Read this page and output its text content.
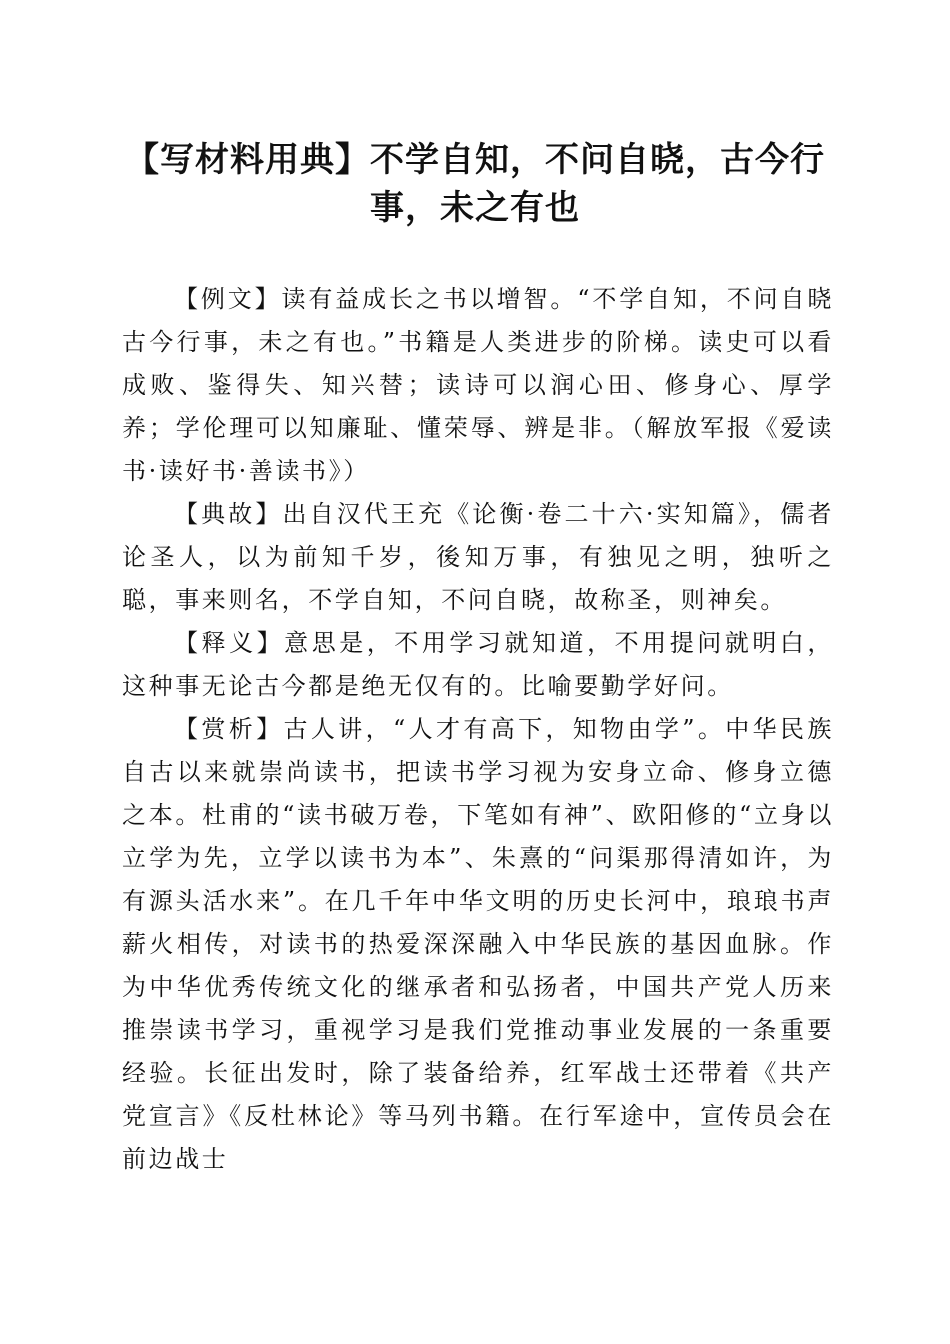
【写材料用典】不学自知，不问自晓，古今行事，未之有也

【例文】读有益成长之书以增智。“不学自知，不问自晓古今行事，未之有也。”书籍是人类进步的阶梯。读史可以看成败、鉴得失、知兴替；读诗可以润心田、修身心、厚学养；学伦理可以知廉耻、懂荣辱、辨是非。（解放军报《爱读书·读好书·善读书》）

【典故】出自汉代王充《论衡·卷二十六·实知篇》，儒者论圣人，以为前知千岁，後知万事，有独见之明，独听之聪，事来则名，不学自知，不问自晓，故称圣，则神矣。

【释义】意思是，不用学习就知道，不用提问就明白，这种事无论古今都是绝无仅有的。比喻要勤学好问。

【赏析】古人讲，“人才有高下，知物由学”。中华民族自古以来就崇尚读书，把读书学习视为安身立命、修身立德之本。杜甫的“读书破万卷，下笔如有神”、欧阳修的“立身以立学为先，立学以读书为本”、朱熹的“问渠那得清如许，为有源头活水来”。在几千年中华文明的历史长河中，琅琅书声薪火相传，对读书的热爱深深融入中华民族的基因血脉。作为中华优秀传统文化的继承者和弘扬者，中国共产党人历来推崇读书学习，重视学习是我们党推动事业发展的一条重要经验。长征出发时，除了装备给养，红军战士还带着《共产党宣言》《反杜林论》等马列书籍。在行军途中，宣传员会在前边战士
